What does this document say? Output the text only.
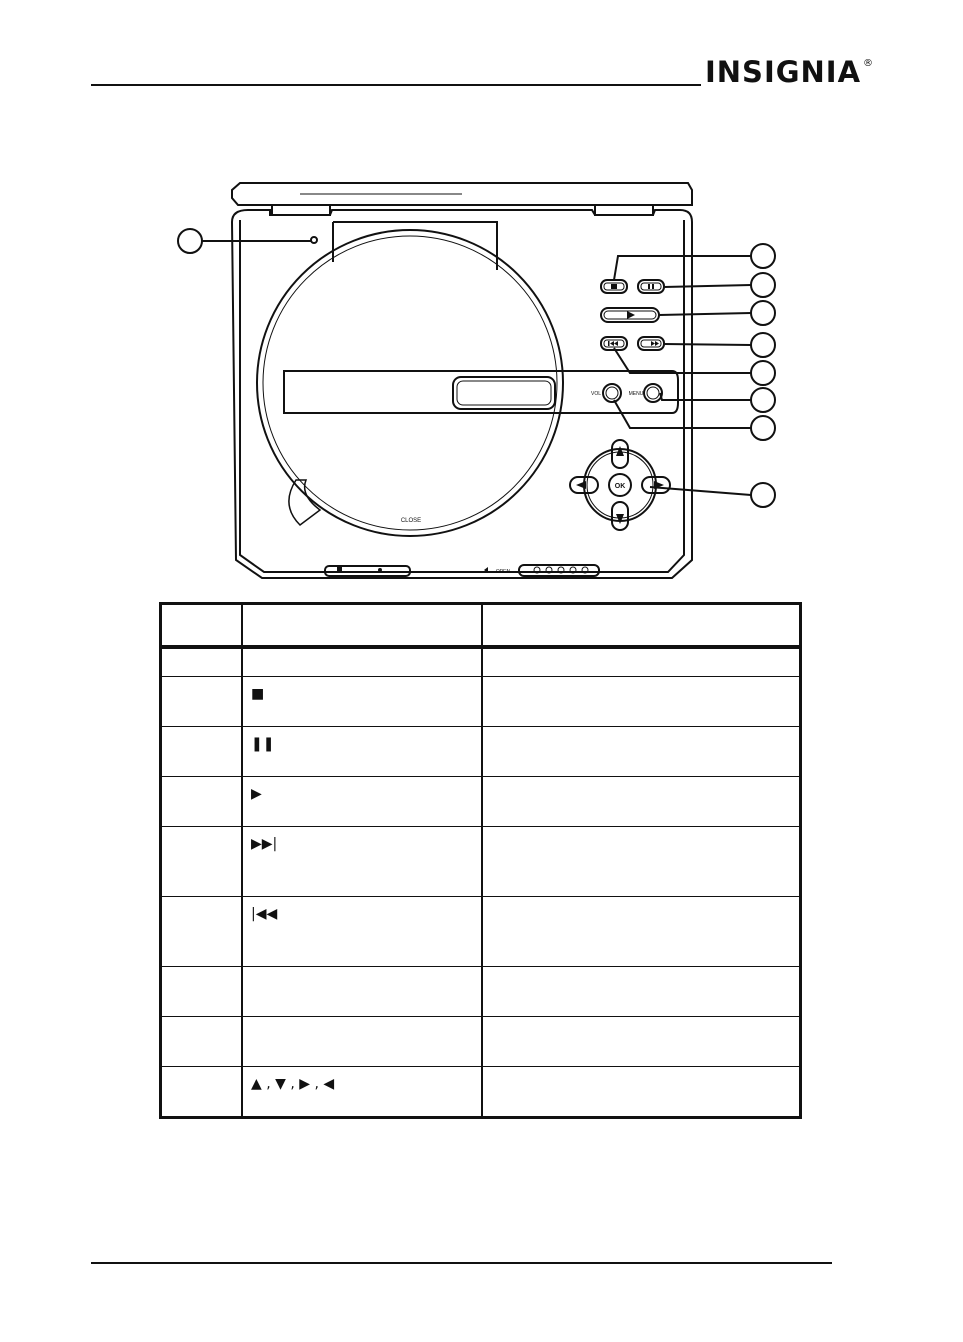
INSIGNIA ®
CLOSE
VOL	MENU
OK
OPEN

	■	
	❚❚	
	▶	
	▶▶|	
	|◀◀	

	▲ , ▼ , ▶ , ◀	
